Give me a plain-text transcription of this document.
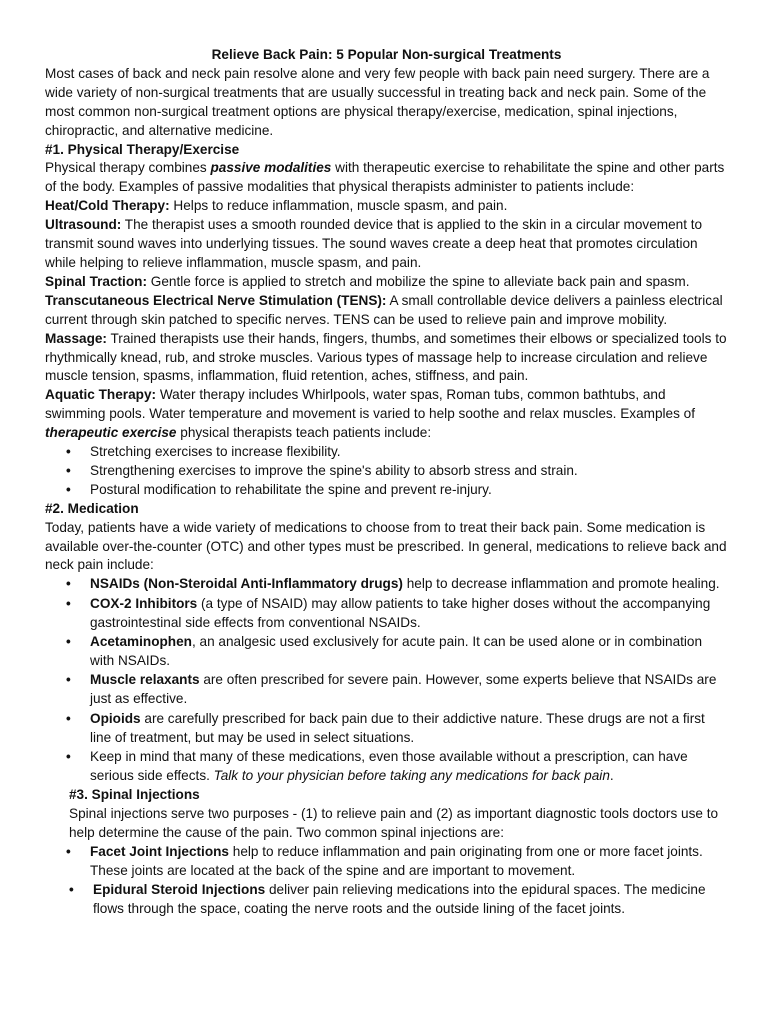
Relieve Back Pain: 5 Popular Non-surgical Treatments

Most cases of back and neck pain resolve alone and very few people with back pain need surgery. There are a wide variety of non-surgical treatments that are usually successful in treating back and neck pain. Some of the most common non-surgical treatment options are physical therapy/exercise, medication, spinal injections, chiropractic, and alternative medicine.

#1. Physical Therapy/Exercise

Physical therapy combines passive modalities with therapeutic exercise to rehabilitate the spine and other parts of the body. Examples of passive modalities that physical therapists administer to patients include:

Heat/Cold Therapy: Helps to reduce inflammation, muscle spasm, and pain.

Ultrasound: The therapist uses a smooth rounded device that is applied to the skin in a circular movement to transmit sound waves into underlying tissues. The sound waves create a deep heat that promotes circulation while helping to relieve inflammation, muscle spasm, and pain.

Spinal Traction: Gentle force is applied to stretch and mobilize the spine to alleviate back pain and spasm.

Transcutaneous Electrical Nerve Stimulation (TENS): A small controllable device delivers a painless electrical current through skin patched to specific nerves. TENS can be used to relieve pain and improve mobility.

Massage: Trained therapists use their hands, fingers, thumbs, and sometimes their elbows or specialized tools to rhythmically knead, rub, and stroke muscles. Various types of massage help to increase circulation and relieve muscle tension, spasms, inflammation, fluid retention, aches, stiffness, and pain.

Aquatic Therapy: Water therapy includes Whirlpools, water spas, Roman tubs, common bathtubs, and swimming pools. Water temperature and movement is varied to help soothe and relax muscles. Examples of therapeutic exercise physical therapists teach patients include:

• Stretching exercises to increase flexibility.
• Strengthening exercises to improve the spine's ability to absorb stress and strain.
• Postural modification to rehabilitate the spine and prevent re-injury.

#2. Medication

Today, patients have a wide variety of medications to choose from to treat their back pain. Some medication is available over-the-counter (OTC) and other types must be prescribed. In general, medications to relieve back and neck pain include:

• NSAIDs (Non-Steroidal Anti-Inflammatory drugs) help to decrease inflammation and promote healing.
• COX-2 Inhibitors (a type of NSAID) may allow patients to take higher doses without the accompanying gastrointestinal side effects from conventional NSAIDs.
• Acetaminophen, an analgesic used exclusively for acute pain. It can be used alone or in combination with NSAIDs.
• Muscle relaxants are often prescribed for severe pain. However, some experts believe that NSAIDs are just as effective.
• Opioids are carefully prescribed for back pain due to their addictive nature. These drugs are not a first line of treatment, but may be used in select situations.
• Keep in mind that many of these medications, even those available without a prescription, can have serious side effects. Talk to your physician before taking any medications for back pain.

#3. Spinal Injections

Spinal injections serve two purposes - (1) to relieve pain and (2) as important diagnostic tools doctors use to help determine the cause of the pain. Two common spinal injections are:

• Facet Joint Injections help to reduce inflammation and pain originating from one or more facet joints. These joints are located at the back of the spine and are important to movement.
• Epidural Steroid Injections deliver pain relieving medications into the epidural spaces. The medicine flows through the space, coating the nerve roots and the outside lining of the facet joints.
